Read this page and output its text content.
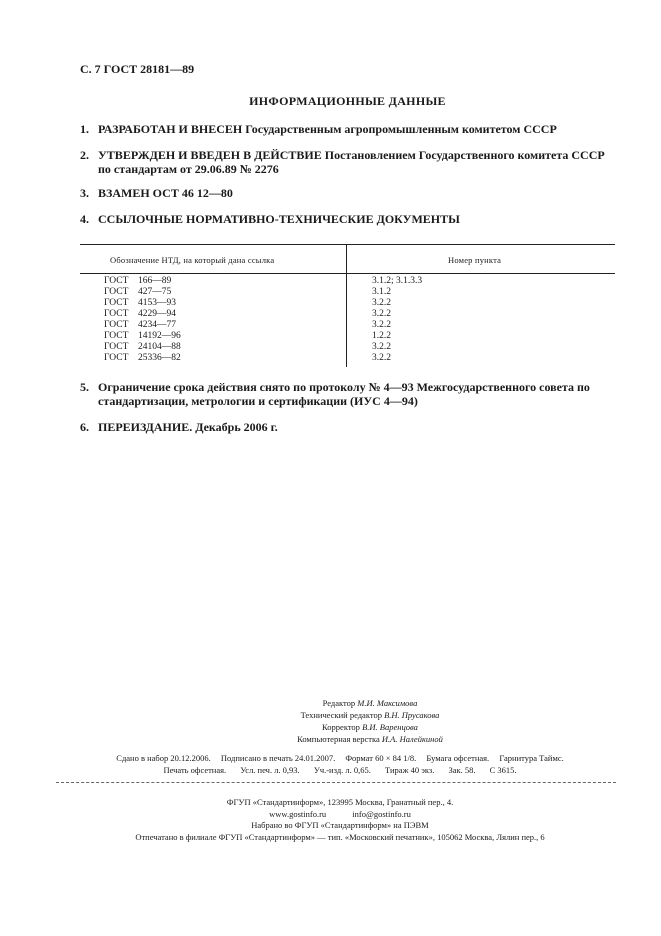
С. 7 ГОСТ 28181—89
ИНФОРМАЦИОННЫЕ ДАННЫЕ
1. РАЗРАБОТАН И ВНЕСЕН Государственным агропромышленным комитетом СССР
2. УТВЕРЖДЕН И ВВЕДЕН В ДЕЙСТВИЕ Постановлением Государственного комитета СССР по стандартам от 29.06.89 № 2276
3. ВЗАМЕН ОСТ 46 12—80
4. ССЫЛОЧНЫЕ НОРМАТИВНО-ТЕХНИЧЕСКИЕ ДОКУМЕНТЫ
Обозначение НТД, на который дана ссылка	Номер пункта
ГОСТ 166—89	3.1.2; 3.1.3.3
ГОСТ 427—75	3.1.2
ГОСТ 4153—93	3.2.2
ГОСТ 4229—94	3.2.2
ГОСТ 4234—77	3.2.2
ГОСТ 14192—96	1.2.2
ГОСТ 24104—88	3.2.2
ГОСТ 25336—82	3.2.2
5. Ограничение срока действия снято по протоколу № 4—93 Межгосударственного совета по стандартизации, метрологии и сертификации (ИУС 4—94)
6. ПЕРЕИЗДАНИЕ. Декабрь 2006 г.
Редактор М.И. Максимова
Технический редактор В.Н. Прусакова
Корректор В.И. Варенцова
Компьютерная верстка И.А. Налейкиной
Сдано в набор 20.12.2006. Подписано в печать 24.01.2007. Формат 60 × 84 1/8. Бумага офсетная. Гарнитура Таймс.
Печать офсетная. Усл. печ. л. 0,93. Уч.-изд. л. 0,65. Тираж 40 экз. Зак. 58. С 3615.
ФГУП «Стандартинформ», 123995 Москва, Гранатный пер., 4.
www.gostinfo.ru	info@gostinfo.ru
Набрано во ФГУП «Стандартинформ» на ПЭВМ
Отпечатано в филиале ФГУП «Стандартинформ» — тип. «Московский печатник», 105062 Москва, Лялин пер., 6
